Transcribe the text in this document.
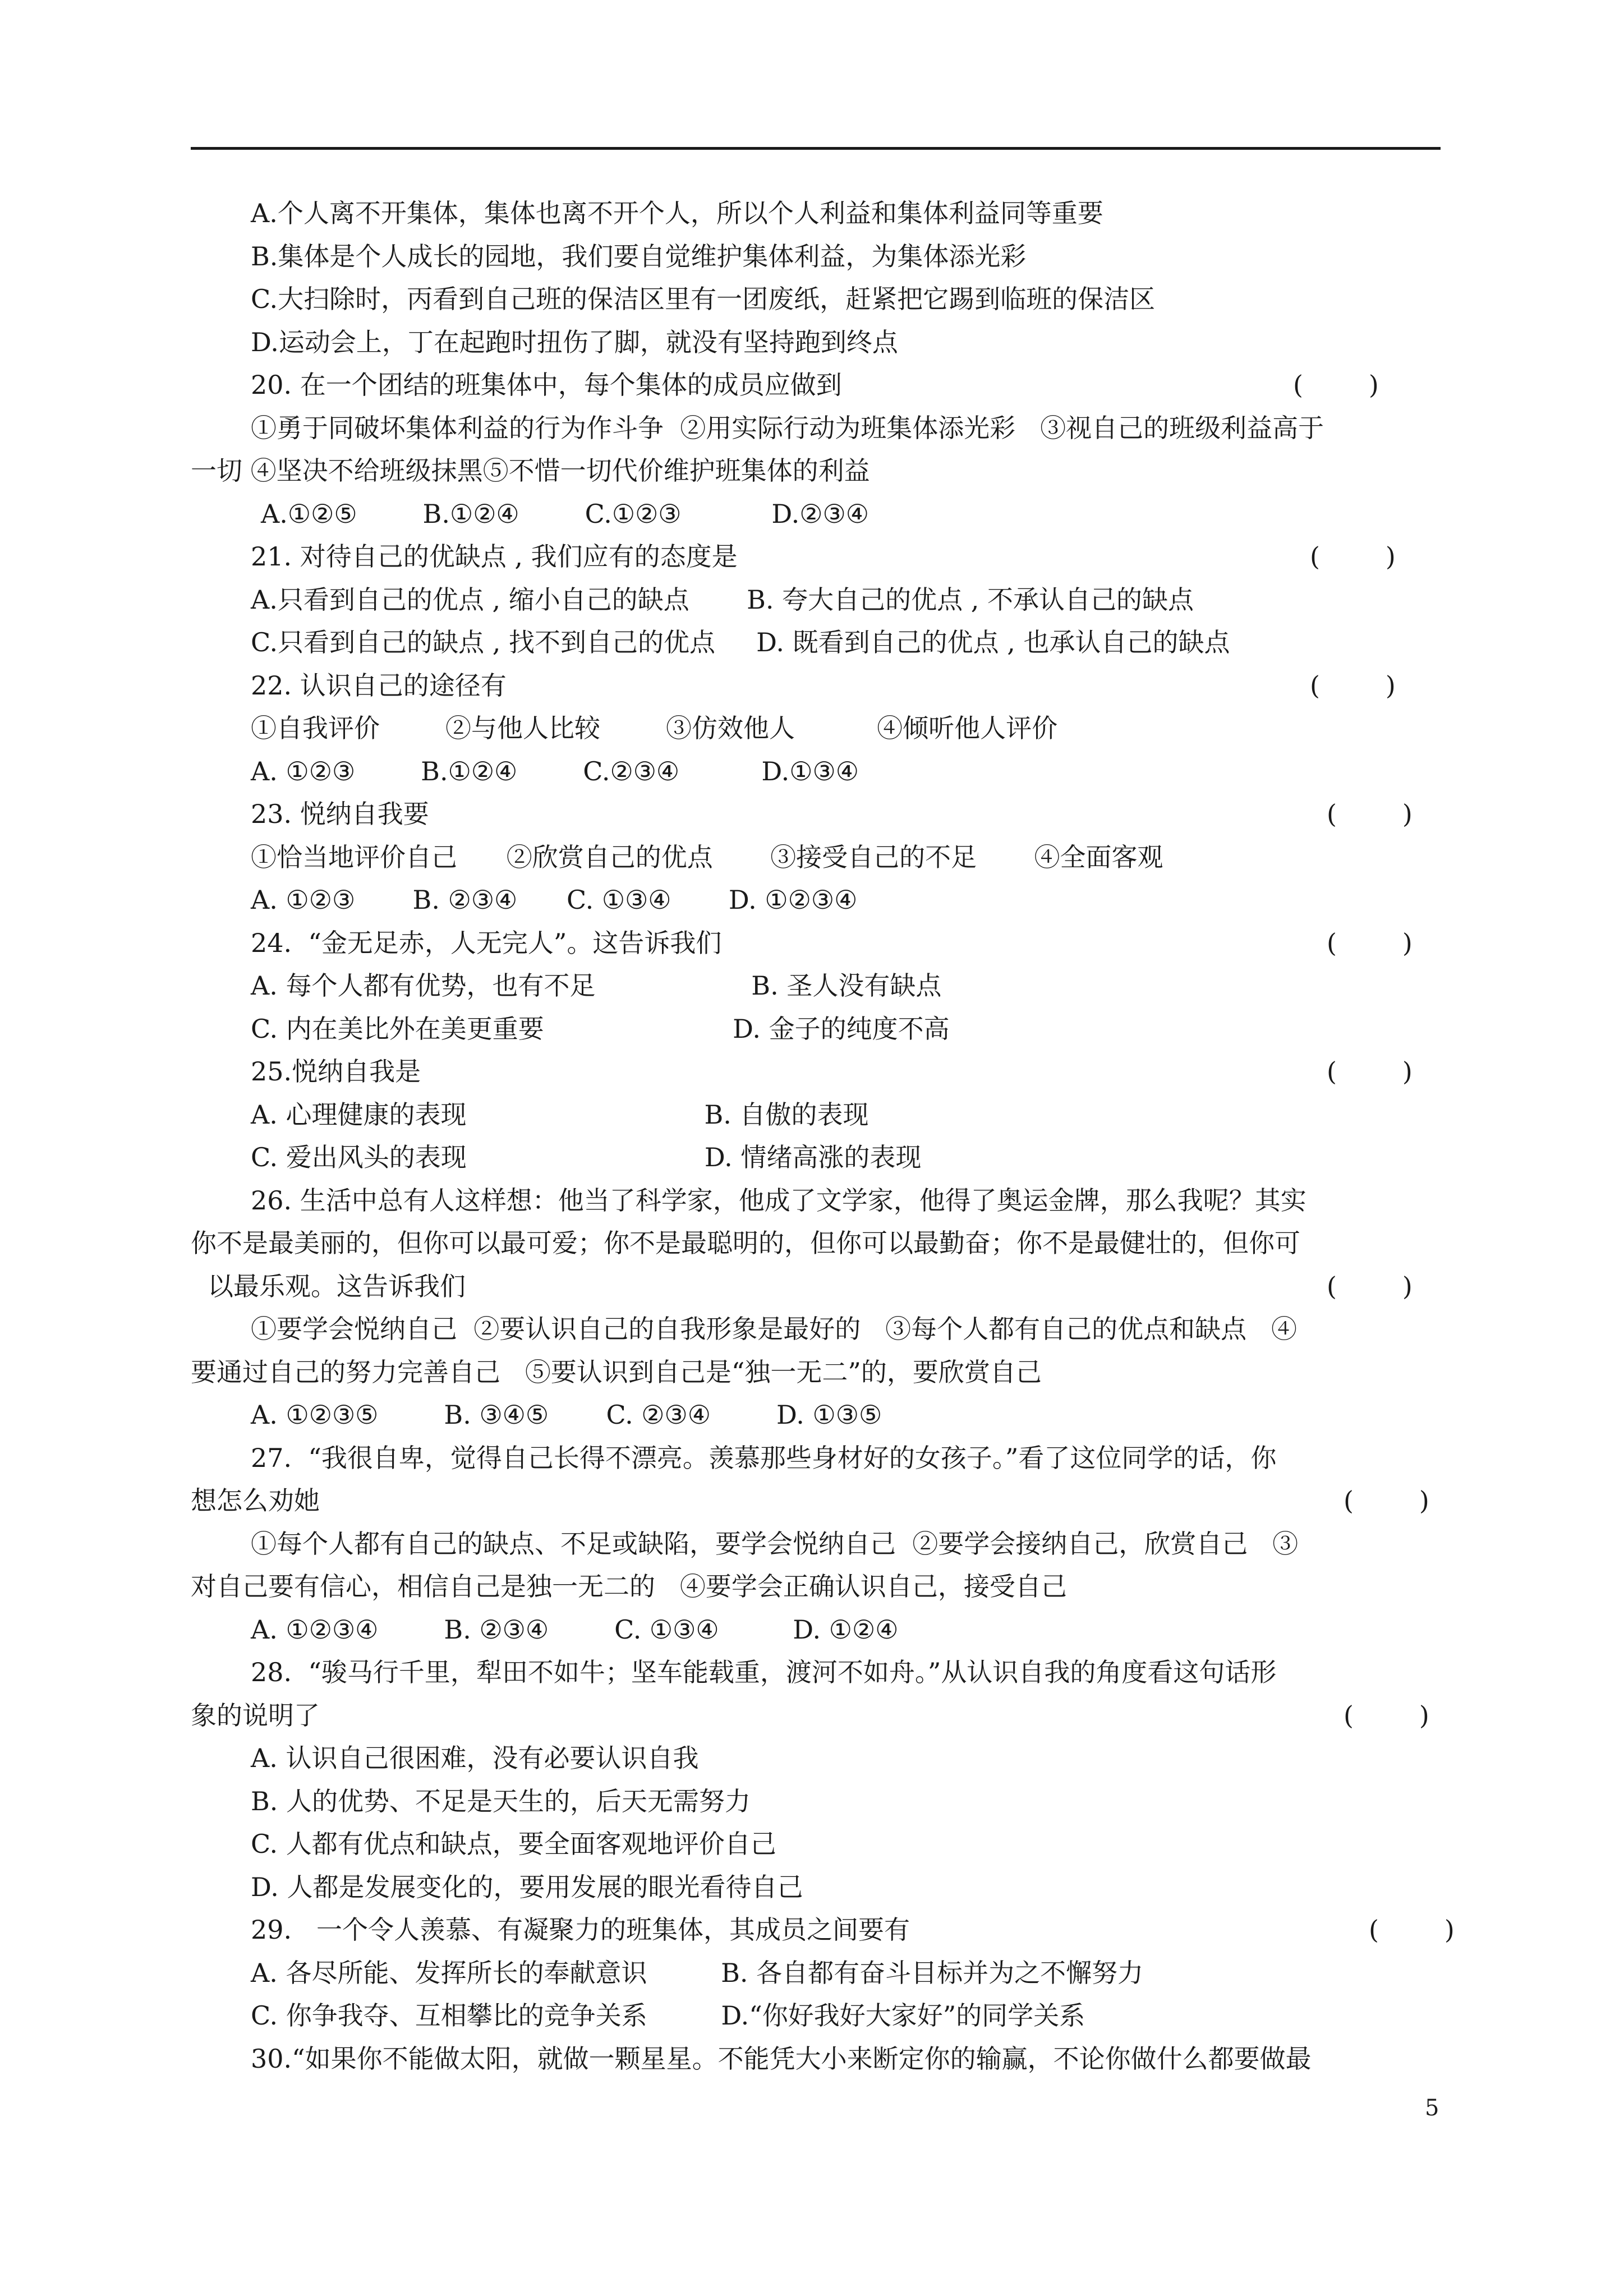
A.个人离不开集体，集体也离不开个人，所以个人利益和集体利益同等重要
B.集体是个人成长的园地，我们要自觉维护集体利益，为集体添光彩
C.大扫除时，丙看到自己班的保洁区里有一团废纸，赶紧把它踢到临班的保洁区
D.运动会上，丁在起跑时扭伤了脚，就没有坚持跑到终点
20. 在一个团结的班集体中，每个集体的成员应做到	(        )
①勇于同破坏集体利益的行为作斗争  ②用实际行动为班集体添光彩   ③视自己的班级利益高于
一切 ④坚决不给班级抹黑⑤不惜一切代价维护班集体的利益
A.①②⑤        B.①②④        C.①②③           D.②③④
21. 对待自己的优缺点 , 我们应有的态度是	(        )
A.只看到自己的优点 , 缩小自己的缺点       B. 夸大自己的优点 , 不承认自己的缺点
C.只看到自己的缺点 , 找不到自己的优点     D. 既看到自己的优点 , 也承认自己的缺点
22. 认识自己的途径有	(        )
①自我评价        ②与他人比较        ③仿效他人          ④倾听他人评价
A. ①②③        B.①②④        C.②③④          D.①③④
23. 悦纳自我要	(        )
①恰当地评价自己      ②欣赏自己的优点       ③接受自己的不足       ④全面客观
A. ①②③       B. ②③④      C. ①③④       D. ①②③④
24.  “金无足赤，人无完人”。这告诉我们	(        )
A. 每个人都有优势，也有不足                   B. 圣人没有缺点
C. 内在美比外在美更重要                       D. 金子的纯度不高
25.悦纳自我是	(        )
A. 心理健康的表现                             B. 自傲的表现
C. 爱出风头的表现                             D. 情绪高涨的表现
26. 生活中总有人这样想：他当了科学家，他成了文学家，他得了奥运金牌，那么我呢？其实
你不是最美丽的，但你可以最可爱；你不是最聪明的，但你可以最勤奋；你不是最健壮的，但你可
以最乐观。这告诉我们	(        )
①要学会悦纳自己  ②要认识自己的自我形象是最好的   ③每个人都有自己的优点和缺点   ④
要通过自己的努力完善自己   ⑤要认识到自己是“独一无二”的，要欣赏自己
A. ①②③⑤        B. ③④⑤       C. ②③④        D. ①③⑤
27.  “我很自卑，觉得自己长得不漂亮。羡慕那些身材好的女孩子。”看了这位同学的话，你
想怎么劝她	(        )
①每个人都有自己的缺点、不足或缺陷，要学会悦纳自己  ②要学会接纳自己，欣赏自己   ③
对自己要有信心，相信自己是独一无二的   ④要学会正确认识自己，接受自己
A. ①②③④        B. ②③④        C. ①③④         D. ①②④
28.  “骏马行千里，犁田不如牛；坚车能载重，渡河不如舟。”从认识自我的角度看这句话形
象的说明了	(        )
A. 认识自己很困难，没有必要认识自我
B. 人的优势、不足是天生的，后天无需努力
C. 人都有优点和缺点，要全面客观地评价自己
D. 人都是发展变化的，要用发展的眼光看待自己
29.   一个令人羡慕、有凝聚力的班集体，其成员之间要有	(        )
A. 各尽所能、发挥所长的奉献意识         B. 各自都有奋斗目标并为之不懈努力
C. 你争我夺、互相攀比的竞争关系         D.“你好我好大家好”的同学关系
30.“如果你不能做太阳，就做一颗星星。不能凭大小来断定你的输赢，不论你做什么都要做最
5
